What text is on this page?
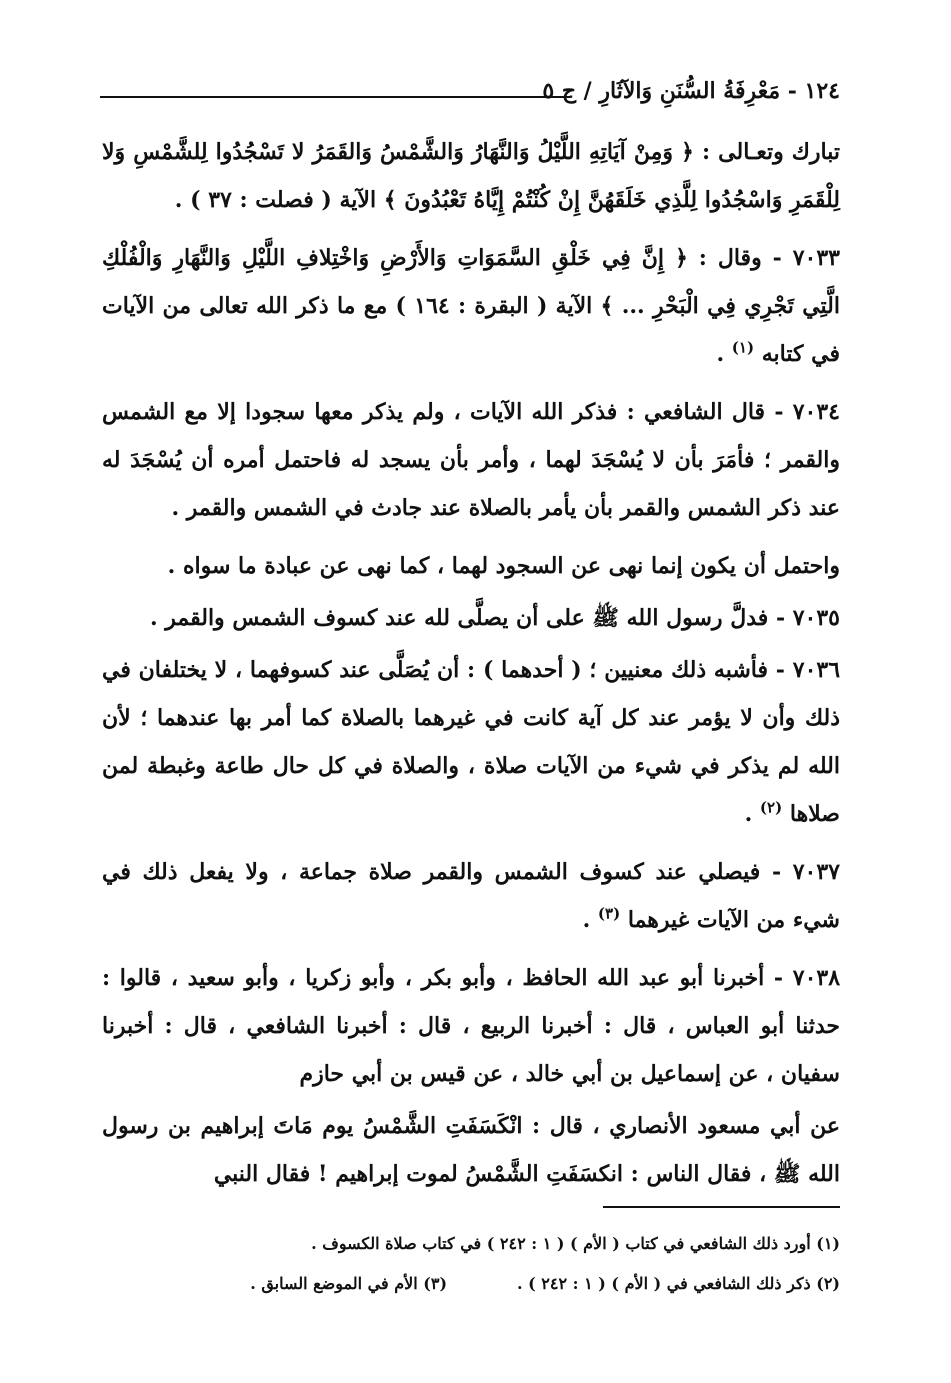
١٢٤ - مَعْرِفَةُ السُّنَنِ وَالآثَارِ / ج ٥

تبارك وتعـالى : ﴿ وَمِنْ آيَاتِهِ اللَّيْلُ وَالنَّهَارُ وَالشَّمْسُ وَالقَمَرُ لا تَسْجُدُوا لِلشَّمْسِ وَلا لِلْقَمَرِ وَاسْجُدُوا لِلَّذِي خَلَقَهُنَّ إِنْ كُنْتُمْ إِيَّاهُ تَعْبُدُونَ ﴾ الآية ( فصلت : ٣٧ ) .

٧٠٣٣ - وقال : ﴿ إِنَّ فِي خَلْقِ السَّمَوَاتِ وَالأَرْضِ وَاخْتِلافِ اللَّيْلِ وَالنَّهَارِ وَالْفُلْكِ الَّتِي تَجْرِي فِي الْبَحْرِ ... ﴾ الآية ( البقرة : ١٦٤ ) مع ما ذكر الله تعالى من الآيات في كتابه $^{(١)}$ .

٧٠٣٤ - قال الشافعي : فذكر الله الآيات ، ولم يذكر معها سجودا إلا مع الشمس والقمر ؛ فأمَرَ بأن لا يُسْجَدَ لهما ، وأمر بأن يسجد له فاحتمل أمره أن يُسْجَدَ له عند ذكر الشمس والقمر بأن يأمر بالصلاة عند جادث في الشمس والقمر .

واحتمل أن يكون إنما نهى عن السجود لهما ، كما نهى عن عبادة ما سواه .

٧٠٣٥ - فدلَّ رسول الله ﷺ على أن يصلَّى لله عند كسوف الشمس والقمر .

٧٠٣٦ - فأشبه ذلك معنيين ؛ ( أحدهما ) : أن يُصَلَّى عند كسوفهما ، لا يختلفان في ذلك وأن لا يؤمر عند كل آية كانت في غيرهما بالصلاة كما أمر بها عندهما ؛ لأن الله لم يذكر في شيء من الآيات صلاة ، والصلاة في كل حال طاعة وغبطة لمن صلاها $^{(٢)}$ .

٧٠٣٧ - فيصلي عند كسوف الشمس والقمر صلاة جماعة ، ولا يفعل ذلك في شيء من الآيات غيرهما $^{(٣)}$ .

٧٠٣٨ - أخبرنا أبو عبد الله الحافظ ، وأبو بكر ، وأبو زكريا ، وأبو سعيد ، قالوا : حدثنا أبو العباس ، قال : أخبرنا الربيع ، قال : أخبرنا الشافعي ، قال : أخبرنا سفيان ، عن إسماعيل بن أبي خالد ، عن قيس بن أبي حازم

عن أبي مسعود الأنصاري ، قال : انْكَسَفَتِ الشَّمْسُ يوم مَاتَ إبراهيم بن رسول الله ﷺ ، فقال الناس : انكسَفَتِ الشَّمْسُ لموت إبراهيم ! فقال النبي

(١) أورد ذلك الشافعي في كتاب ( الأم ) ( ١ : ٢٤٢ ) في كتاب صلاة الكسوف .
(٢) ذكر ذلك الشافعي في ( الأم ) ( ١ : ٢٤٢ ) .(٣) الأم في الموضع السابق .
